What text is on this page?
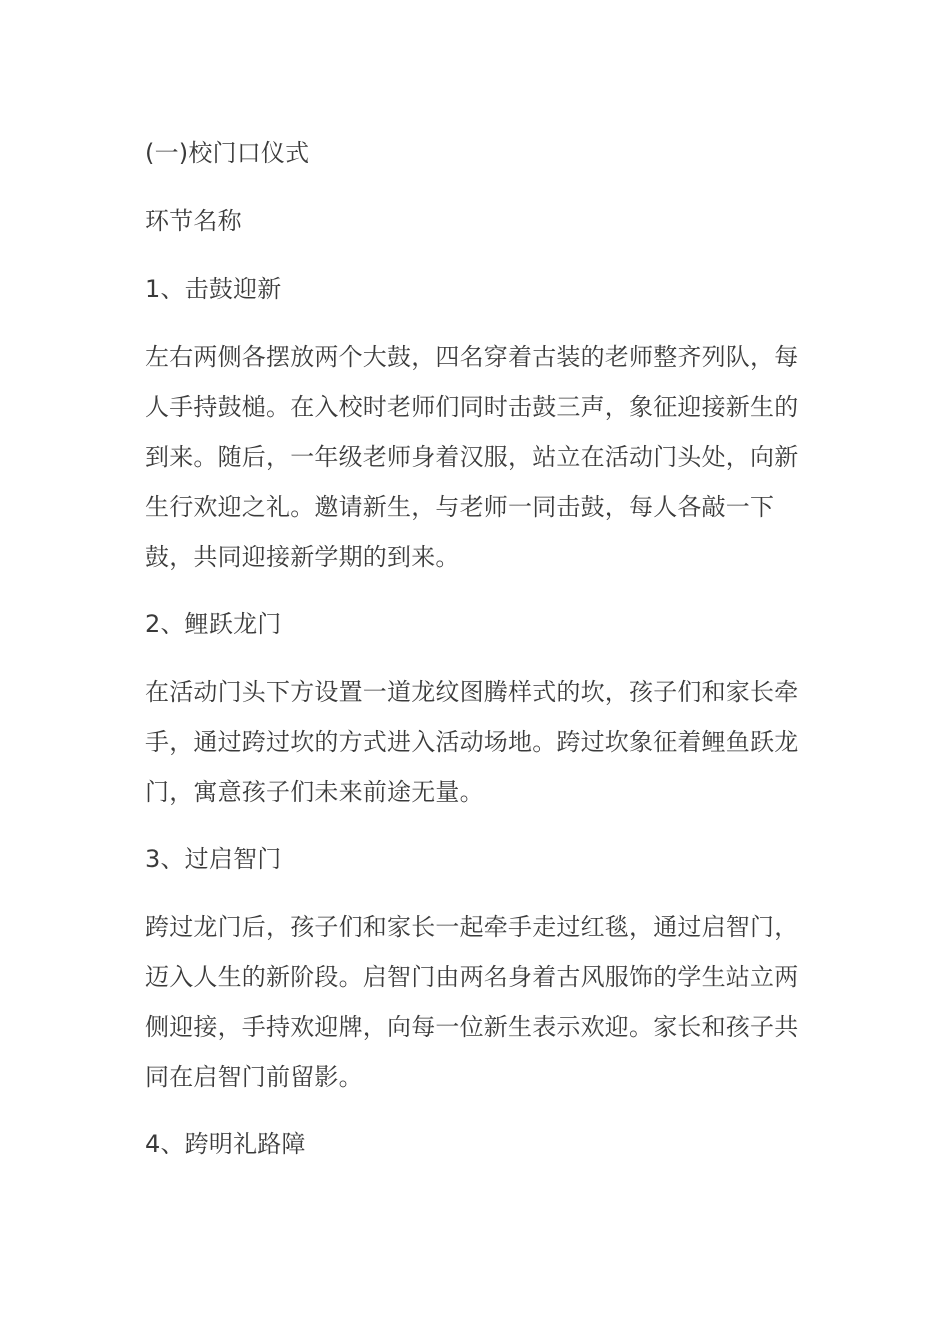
(一)校门口仪式

环节名称

1、击鼓迎新

左右两侧各摆放两个大鼓，四名穿着古装的老师整齐列队，每人手持鼓槌。在入校时老师们同时击鼓三声，象征迎接新生的到来。随后，一年级老师身着汉服，站立在活动门头处，向新生行欢迎之礼。邀请新生，与老师一同击鼓，每人各敲一下鼓，共同迎接新学期的到来。

2、鲤跃龙门

在活动门头下方设置一道龙纹图腾样式的坎，孩子们和家长牵手，通过跨过坎的方式进入活动场地。跨过坎象征着鲤鱼跃龙门，寓意孩子们未来前途无量。

3、过启智门

跨过龙门后，孩子们和家长一起牵手走过红毯，通过启智门，迈入人生的新阶段。启智门由两名身着古风服饰的学生站立两侧迎接，手持欢迎牌，向每一位新生表示欢迎。家长和孩子共同在启智门前留影。

4、跨明礼路障
